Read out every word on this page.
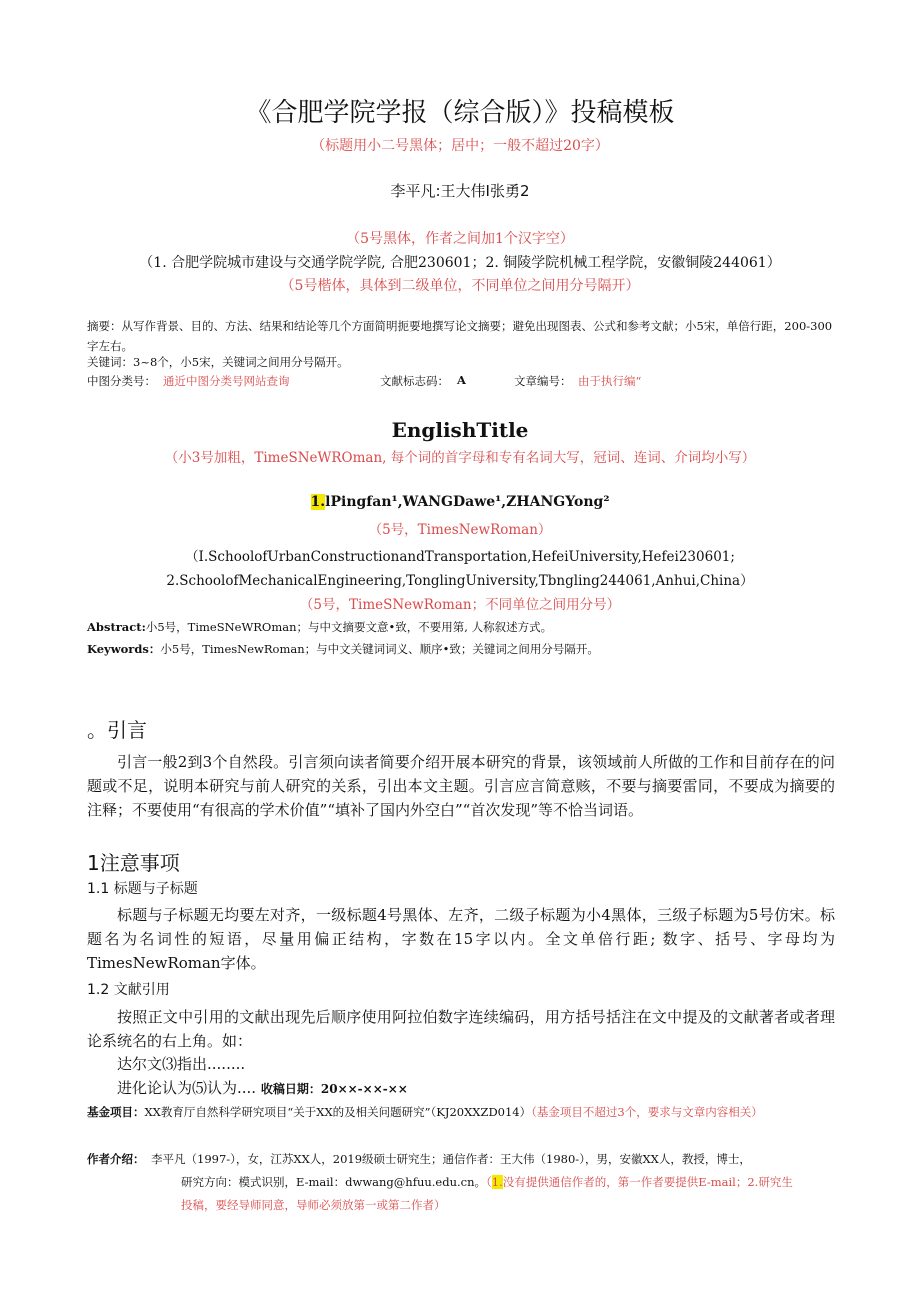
《合肥学院学报（综合版）》投稿模板
（标题用小二号黑体；居中；一般不超过20字）
李平凡:王大伟I张勇2
（5号黑体，作者之间加1个汉字空）
（1. 合肥学院城市建设与交通学院学院, 合肥230601；2. 铜陵学院机械工程学院，安徽铜陵244061）
（5号楷体，具体到二级单位，不同单位之间用分号隔开）
摘要：从写作背景、目的、方法、结果和结论等几个方面简明扼要地撰写论文摘要；避免出现图表、公式和参考文献；小5宋，单倍行距，200-300字左右。
关键词：3~8个，小5宋，关键词之间用分号隔开。
中图分类号： 通近中图分类号网站查询	文献标志码： A	文章编号： 由于执行编“
EnglishTitle
（小3号加粗，TimeSNeWROman, 每个词的首字母和专有名词大写，冠词、连词、介词均小写）
1.lPingfan¹,WANGDawe¹,ZHANGYong²
（5号，TimesNewRoman）
（I.SchoolofUrbanConstructionandTransportation,HefeiUniversity,Hefei230601;
2.SchoolofMechanicalEngineering,TonglingUniversity,Tbngling244061,Anhui,China）
（5号，TimeSNewRoman；不同单位之间用分号）
Abstract:小5号，TimeSNeWROman；与中文摘要文意•致，不要用第, 人称叙述方式。
Keywords：小5号，TimesNewRoman；与中文关键词词义、顺序•致；关键词之间用分号隔开。
。引言
引言一般2到3个自然段。引言须向读者简要介绍开展本研究的背景，该领域前人所做的工作和目前存在的问题或不足，说明本研究与前人研究的关系，引出本文主题。引言应言简意赅，不要与摘要雷同，不要成为摘要的注释；不要使用“有很高的学术价值”“填补了国内外空白”“首次发现”等不恰当词语。
1注意事项
1.1 标题与子标题
标题与子标题无均要左对齐，一级标题4号黑体、左齐，二级子标题为小4黑体，三级子标题为5号仿宋。标题名为名词性的短语，尽量用偏正结构，字数在15字以内。全文单倍行距; 数字、括号、字母均为TimesNewRoman字体。
1.2 文献引用
按照正文中引用的文献出现先后顺序使用阿拉伯数字连续编码，用方括号括注在文中提及的文献著者或者理论系统名的右上角。如：
达尔文⑶指出........
进化论认为⑸认为.... 收稿日期：20××-××-××
基金项目：XX教育厅自然科学研究项目“关于XX的及相关问题研究”（KJ20XXZD014）（基金项目不超过3个，要求与文章内容相关）
作者介绍： 李平凡（1997-），女，江苏XX人，2019级硕士研究生；通信作者：王大伟（1980-），男，安徽XX人，教授，博士，
研究方向：模式识别，E-mail：dwwang@hfuu.edu.cn。（1.没有提供通信作者的，第一作者要提供E-mail；2.研究生
投稿，要经导师同意，导师必须放第一或第二作者）
